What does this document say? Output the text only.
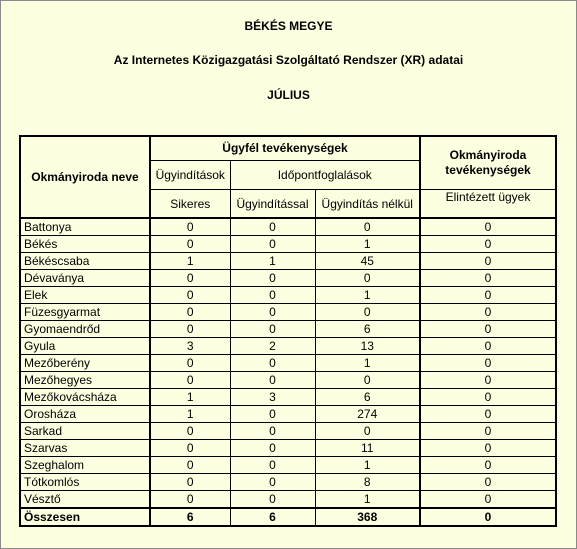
BÉKÉS MEGYE
Az Internetes Közigazgatási Szolgáltató Rendszer (XR) adatai
JÚLIUS
Okmányiroda neve	Ügyfél tevékenységek			Okmányiroda tevékenységek
	Ügyindítások	Időpontfoglalások		
	Sikeres	Ügyindítással	Ügyindítás nélkül	Elintézett ügyek
Battonya	0	0	0	0
Békés	0	0	1	0
Békéscsaba	1	1	45	0
Dévaványa	0	0	0	0
Elek	0	0	1	0
Füzesgyarmat	0	0	0	0
Gyomaendrőd	0	0	6	0
Gyula	3	2	13	0
Mezőberény	0	0	1	0
Mezőhegyes	0	0	0	0
Mezőkovácsháza	1	3	6	0
Orosháza	1	0	274	0
Sarkad	0	0	0	0
Szarvas	0	0	11	0
Szeghalom	0	0	1	0
Tótkomlós	0	0	8	0
Vésztő	0	0	1	0
Összesen	6	6	368	0
